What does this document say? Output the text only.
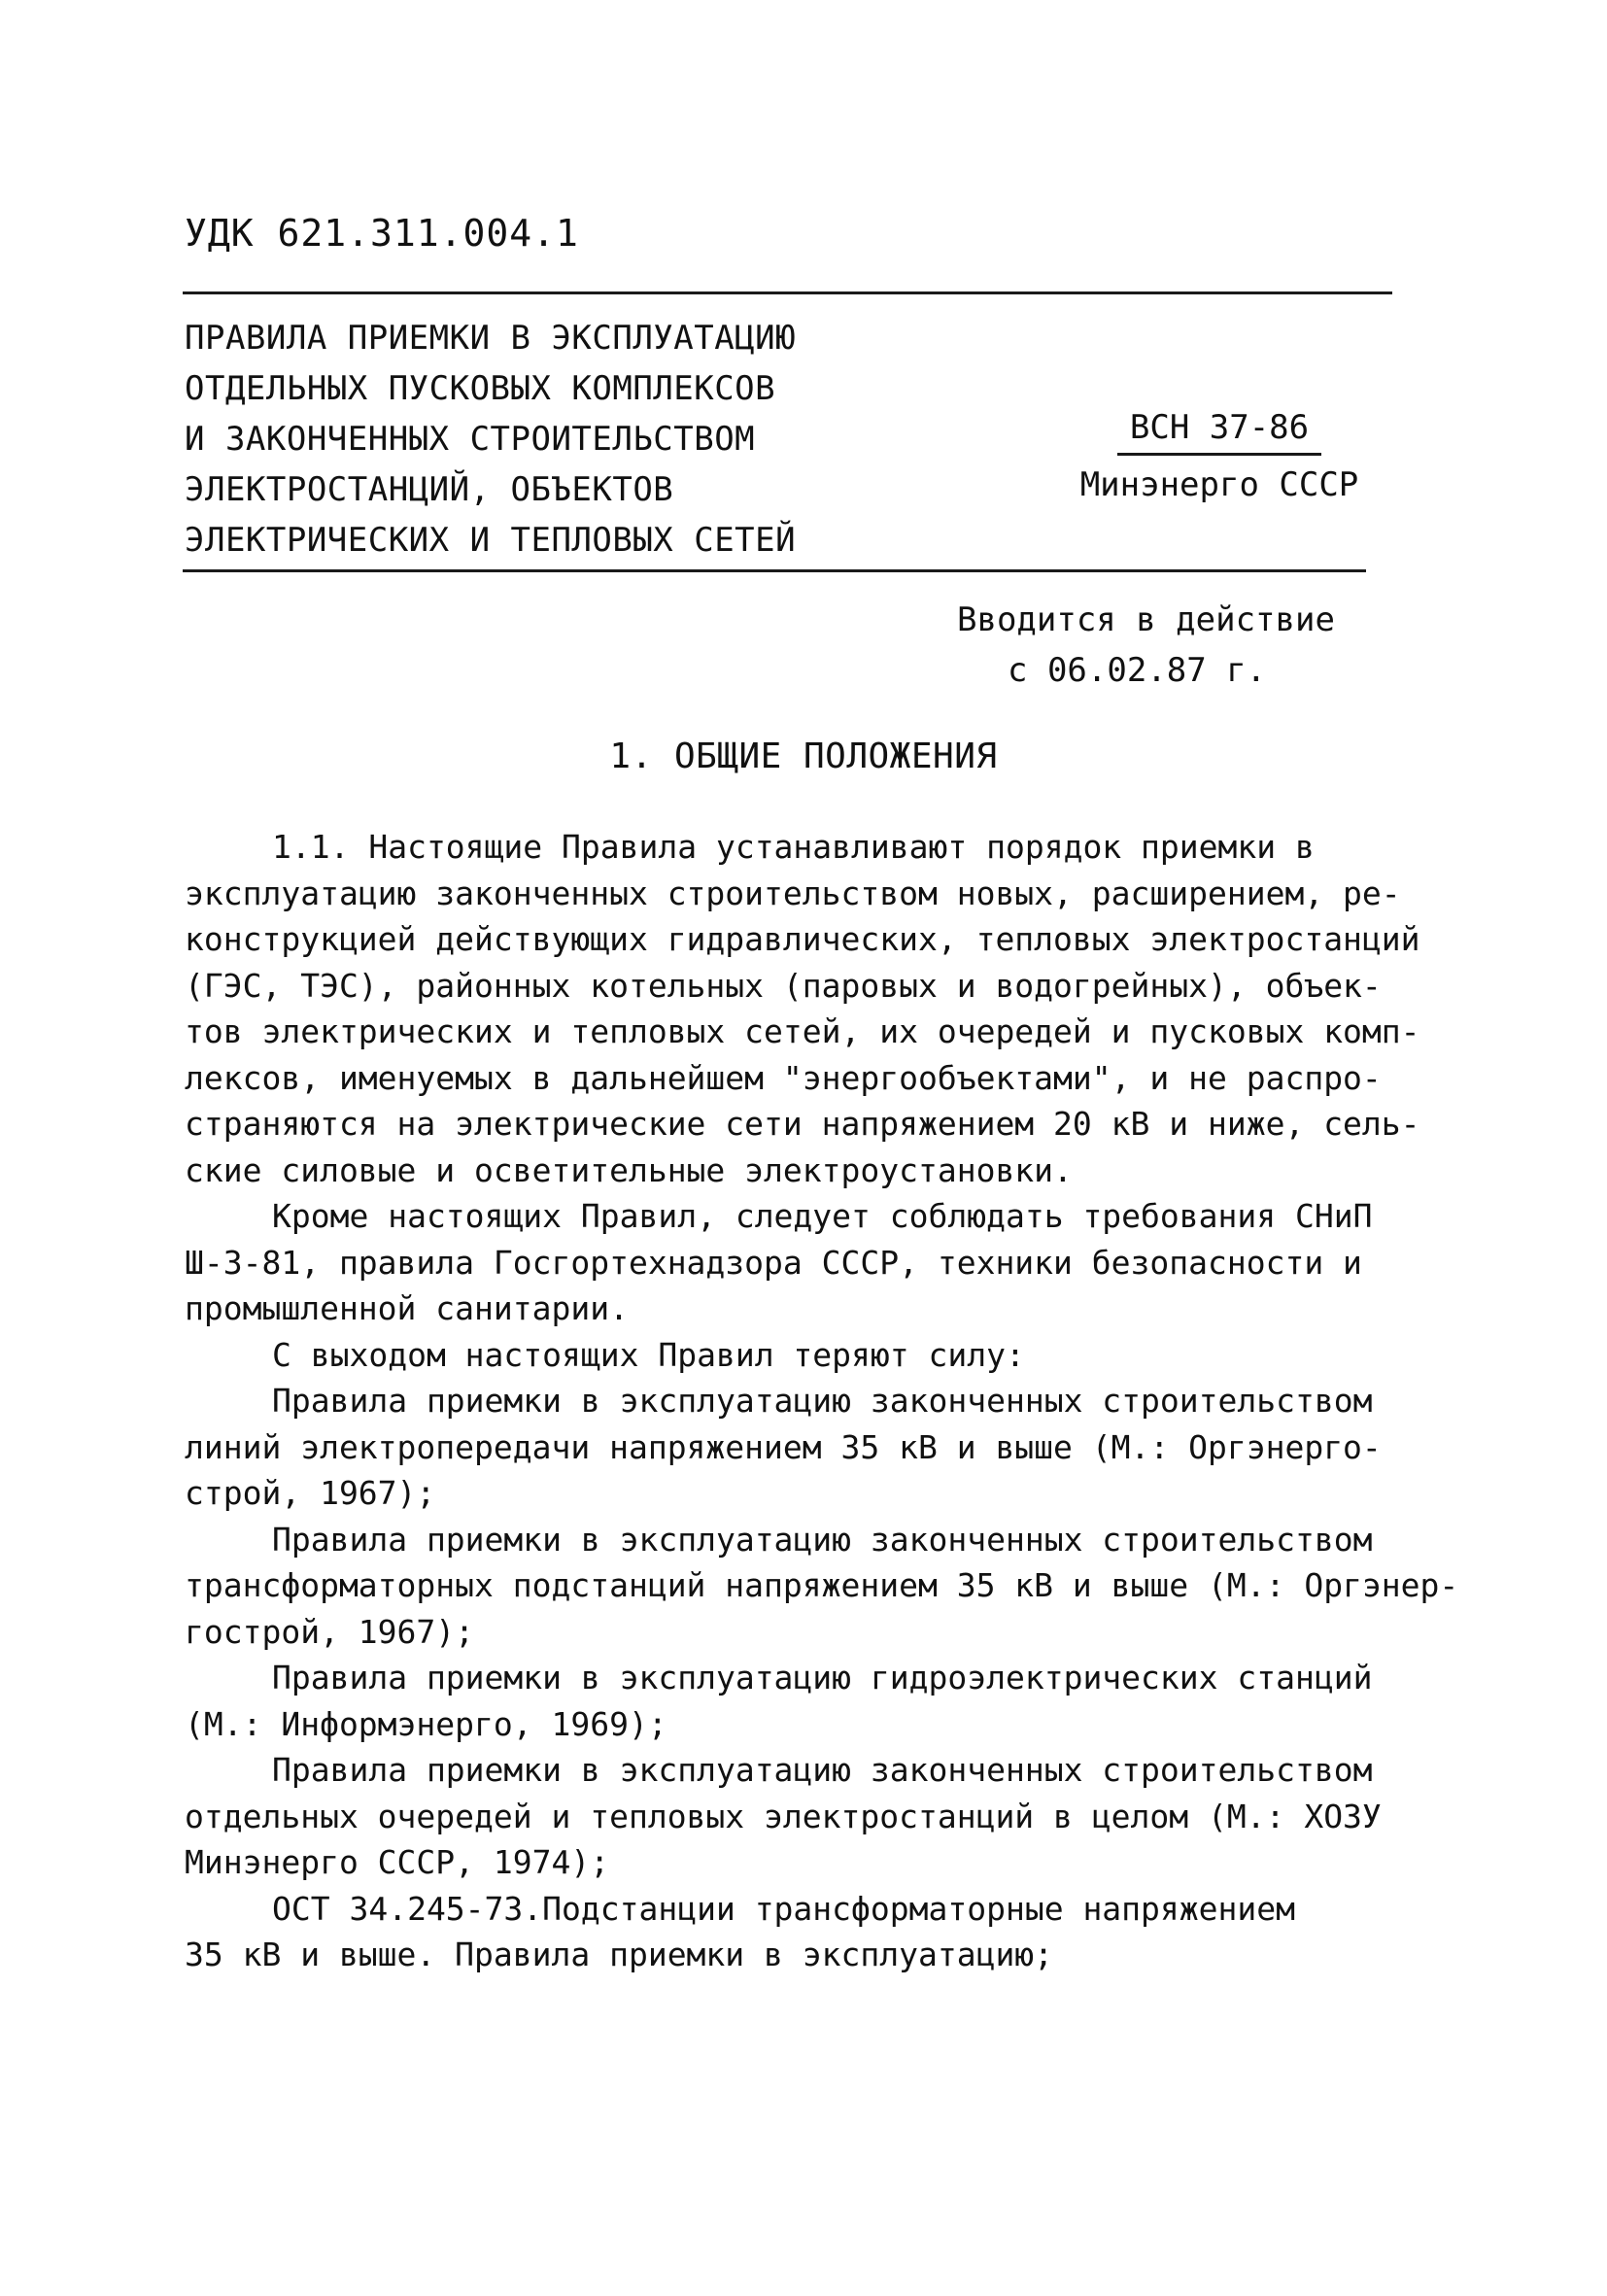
УДК 621.311.004.1
ПРАВИЛА ПРИЕМКИ В ЭКСПЛУАТАЦИЮ
ОТДЕЛЬНЫХ ПУСКОВЫХ КОМПЛЕКСОВ
И ЗАКОНЧЕННЫХ СТРОИТЕЛЬСТВОМ
ЭЛЕКТРОСТАНЦИЙ, ОБЪЕКТОВ
ЭЛЕКТРИЧЕСКИХ И ТЕПЛОВЫХ СЕТЕЙ
ВСН 37-86
Минэнерго СССР
Вводится в действие
с 06.02.87 г.
1. ОБЩИЕ ПОЛОЖЕНИЯ
1.1. Настоящие Правила устанавливают порядок приемки в
эксплуатацию законченных строительством новых, расширением, ре-
конструкцией действующих гидравлических, тепловых электростанций
(ГЭС, ТЭС), районных котельных (паровых и водогрейных), объек-
тов электрических и тепловых сетей, их очередей и пусковых комп-
лексов, именуемых в дальнейшем "энергообъектами", и не распро-
страняются на электрические сети напряжением 20 кВ и ниже, сель-
ские силовые и осветительные электроустановки.
Кроме настоящих Правил, следует соблюдать требования СНиП
Ш-3-81, правила Госгортехнадзора СССР, техники безопасности и
промышленной санитарии.
С выходом настоящих Правил теряют силу:
Правила приемки в эксплуатацию законченных строительством
линий электропередачи напряжением 35 кВ и выше (М.: Оргэнерго-
строй, 1967);
Правила приемки в эксплуатацию законченных строительством
трансформаторных подстанций напряжением 35 кВ и выше (М.: Оргэнер-
гострой, 1967);
Правила приемки в эксплуатацию гидроэлектрических станций
(М.: Информэнерго, 1969);
Правила приемки в эксплуатацию законченных строительством
отдельных очередей и тепловых электростанций в целом (М.: ХОЗУ
Минэнерго СССР, 1974);
ОСТ 34.245-73.Подстанции трансформаторные напряжением
35 кВ и выше. Правила приемки в эксплуатацию;
